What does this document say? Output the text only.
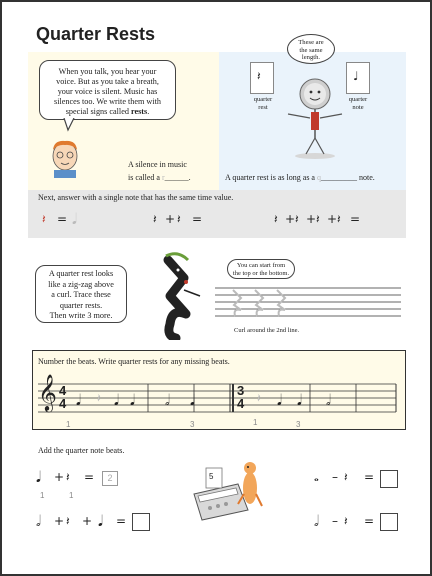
Quarter Rests
When you talk, you hear your
voice. But as you take a breath,
your voice is silent. Music has
silences too. We write them with
special signs called rests.
A silence in music
is called a r______.
These are
the same
length.
𝄽
quarter
rest
♩
quarter
note
A quarter rest is as long as a q_________ note.
Next, answer with a single note that has the same time value.
𝄽 = 𝅘𝅥	𝄽 + 𝄽 =	𝄽 + 𝄽 + 𝄽 + 𝄽 =
A quarter rest looks
like a zig-zag above
a curl. Trace these
quarter rests.
Then write 3 more.
You can start from
the top or the bottom.
Curl around the 2nd line.
Number the beats. Write quarter rests for any missing beats.
𝄞 4
4
3
4
𝅘𝅥 𝄽 𝅘𝅥 𝅘𝅥 𝅗𝅥 𝅘𝅥	𝄽 𝅘𝅥 𝅘𝅥 𝅗𝅥
1	3	1	3
Add the quarter note beats.
𝅘𝅥 + 𝄽 =	2
1	1
𝅗𝅥 + 𝄽 + 𝅘𝅥 =
5	𝅝 – 𝄽 =
𝅗𝅥 – 𝄽 =
